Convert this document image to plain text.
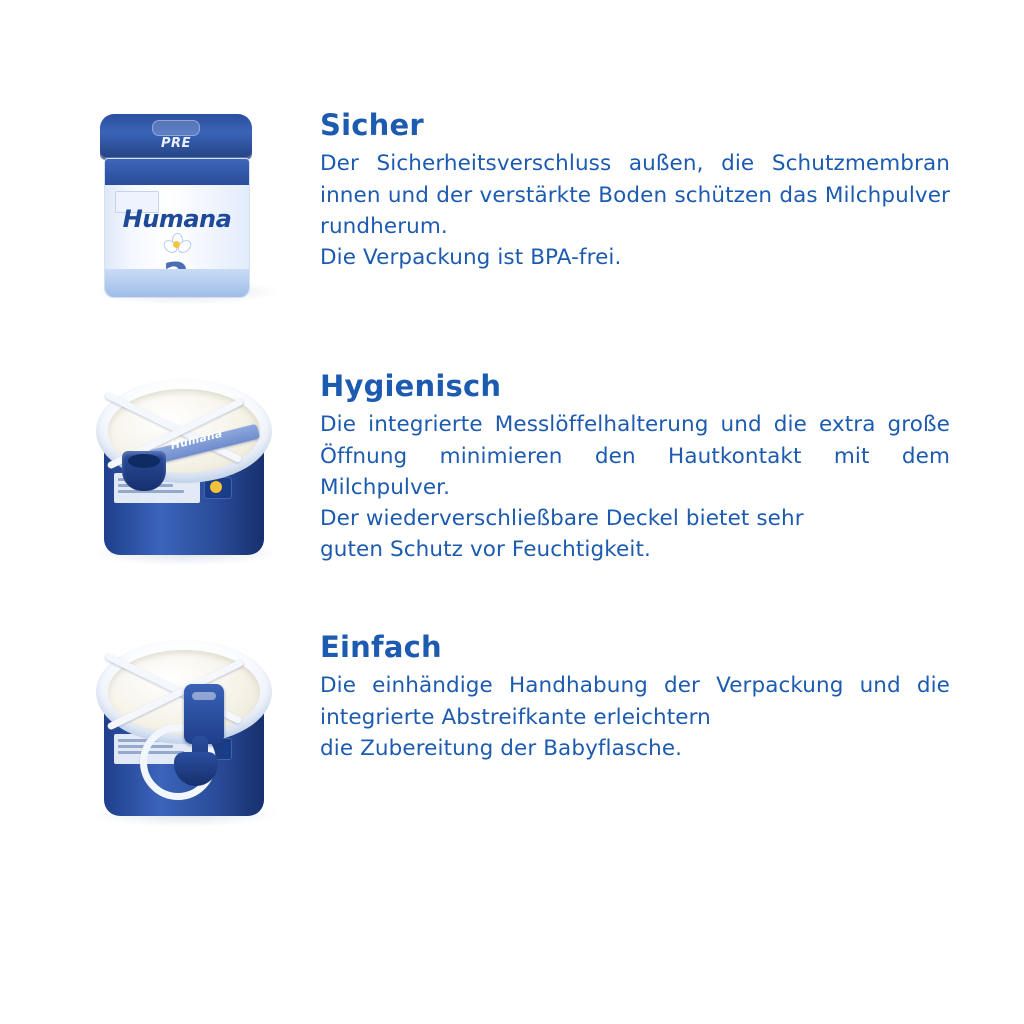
PRE
Humana
Sicher

Der Sicherheitsverschluss außen, die Schutzmembran innen und der verstärkte Boden schützen das Milchpulver rundherum.
Die Verpackung ist BPA-frei.

Humana
Hygienisch

Die integrierte Messlöffelhalterung und die extra große Öffnung minimieren den Hautkontakt mit dem Milchpulver.
Der wiederverschließbare Deckel bietet sehr
guten Schutz vor Feuchtigkeit.

Einfach

Die einhändige Handhabung der Verpackung und die integrierte Abstreifkante erleichtern
die Zubereitung der Babyflasche.
